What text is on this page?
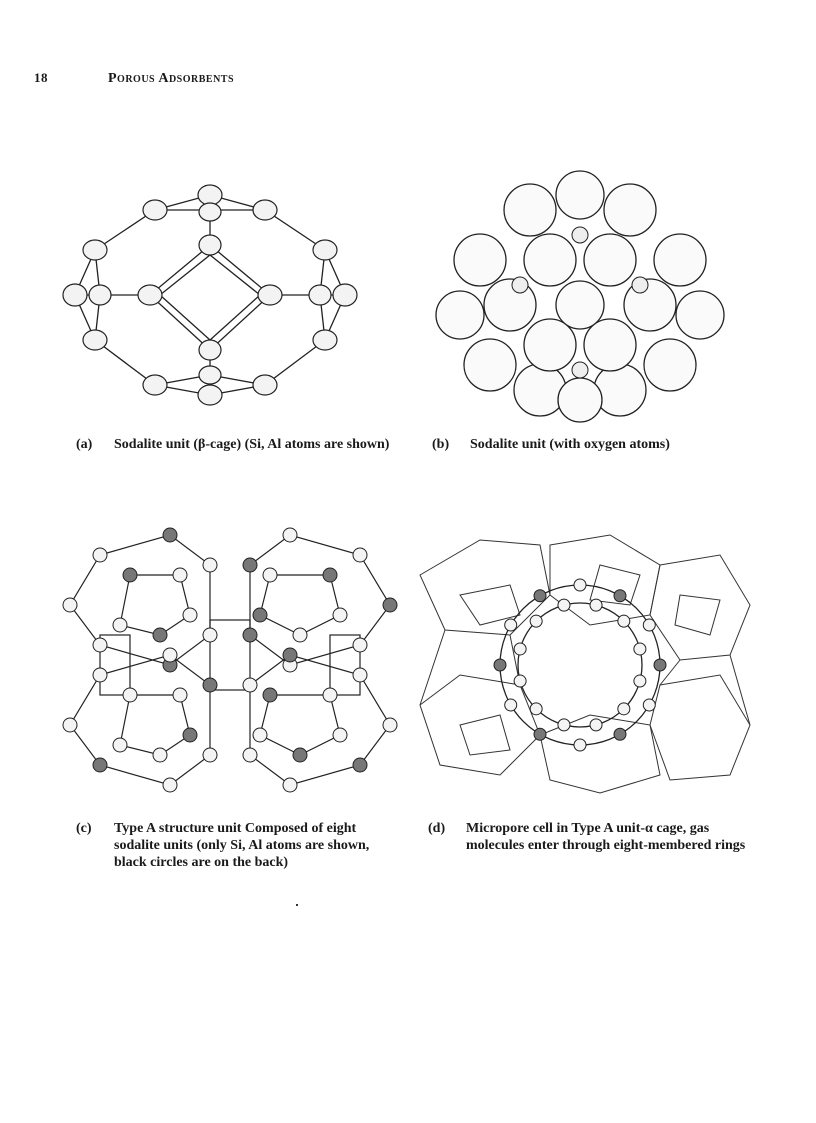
18	Porous Adsorbents
(a) Sodalite unit (β-cage) (Si, Al atoms are shown)	(b) Sodalite unit (with oxygen atoms)
(c) Type A structure unit Composed of eight sodalite units (only Si, Al atoms are shown, black circles are on the back)
(d) Micropore cell in Type A unit-α cage, gas molecules enter through eight-membered rings
